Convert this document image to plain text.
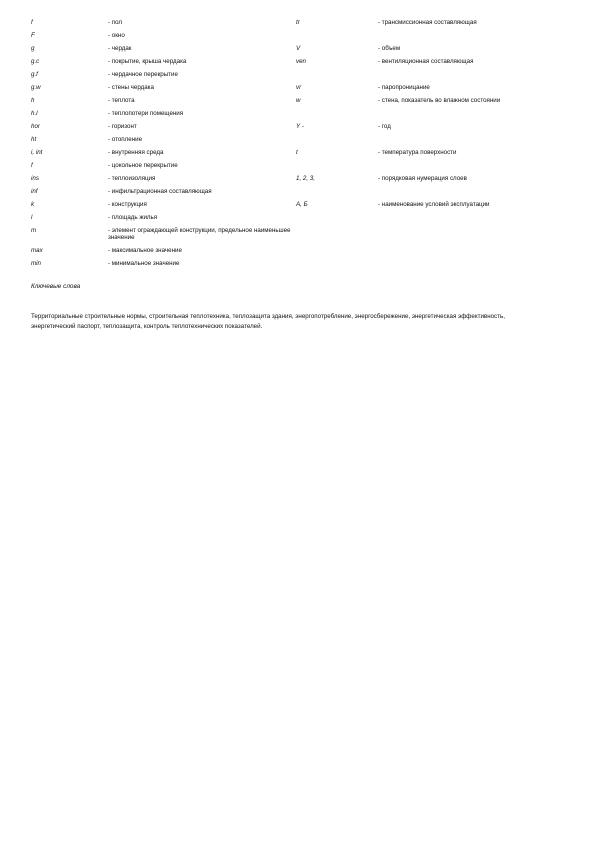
f	- пол	tr	- трансмиссионная составляющая
F	- окно
g	- чердак	V	- объем
g.c	- покрытие, крыша чердака	ven	- вентиляционная составляющая
g.f	- чердачное перекрытие
g.w	- стены чердака	vr	- паропроницание
h	- теплота	w	- стена, показатель во влажном состоянии
h.l	- теплопотери помещения
hor	- горизонт	Y -	- год
ht	- отопление
i, int	- внутренняя среда	t	- температура поверхности
f	- цокольное перекрытие
ins	- теплоизоляция	1, 2, 3,	- порядковая нумерация слоев
inf	- инфильтрационная составляющая
k	- конструкция	А, Б	- наименование условий эксплуатации
l	- площадь жилья
m	- элемент ограждающей конструкции, предельное наименьшее значение
max	- максимальное значение
min	- минимальное значение
Ключевые слова
Территориальные строительные нормы, строительная теплотехника, теплозащита здания, энергопотребление, энергосбережение, энергетическая эффективность, энергетический паспорт, теплозащита, контроль теплотехнических показателей.
